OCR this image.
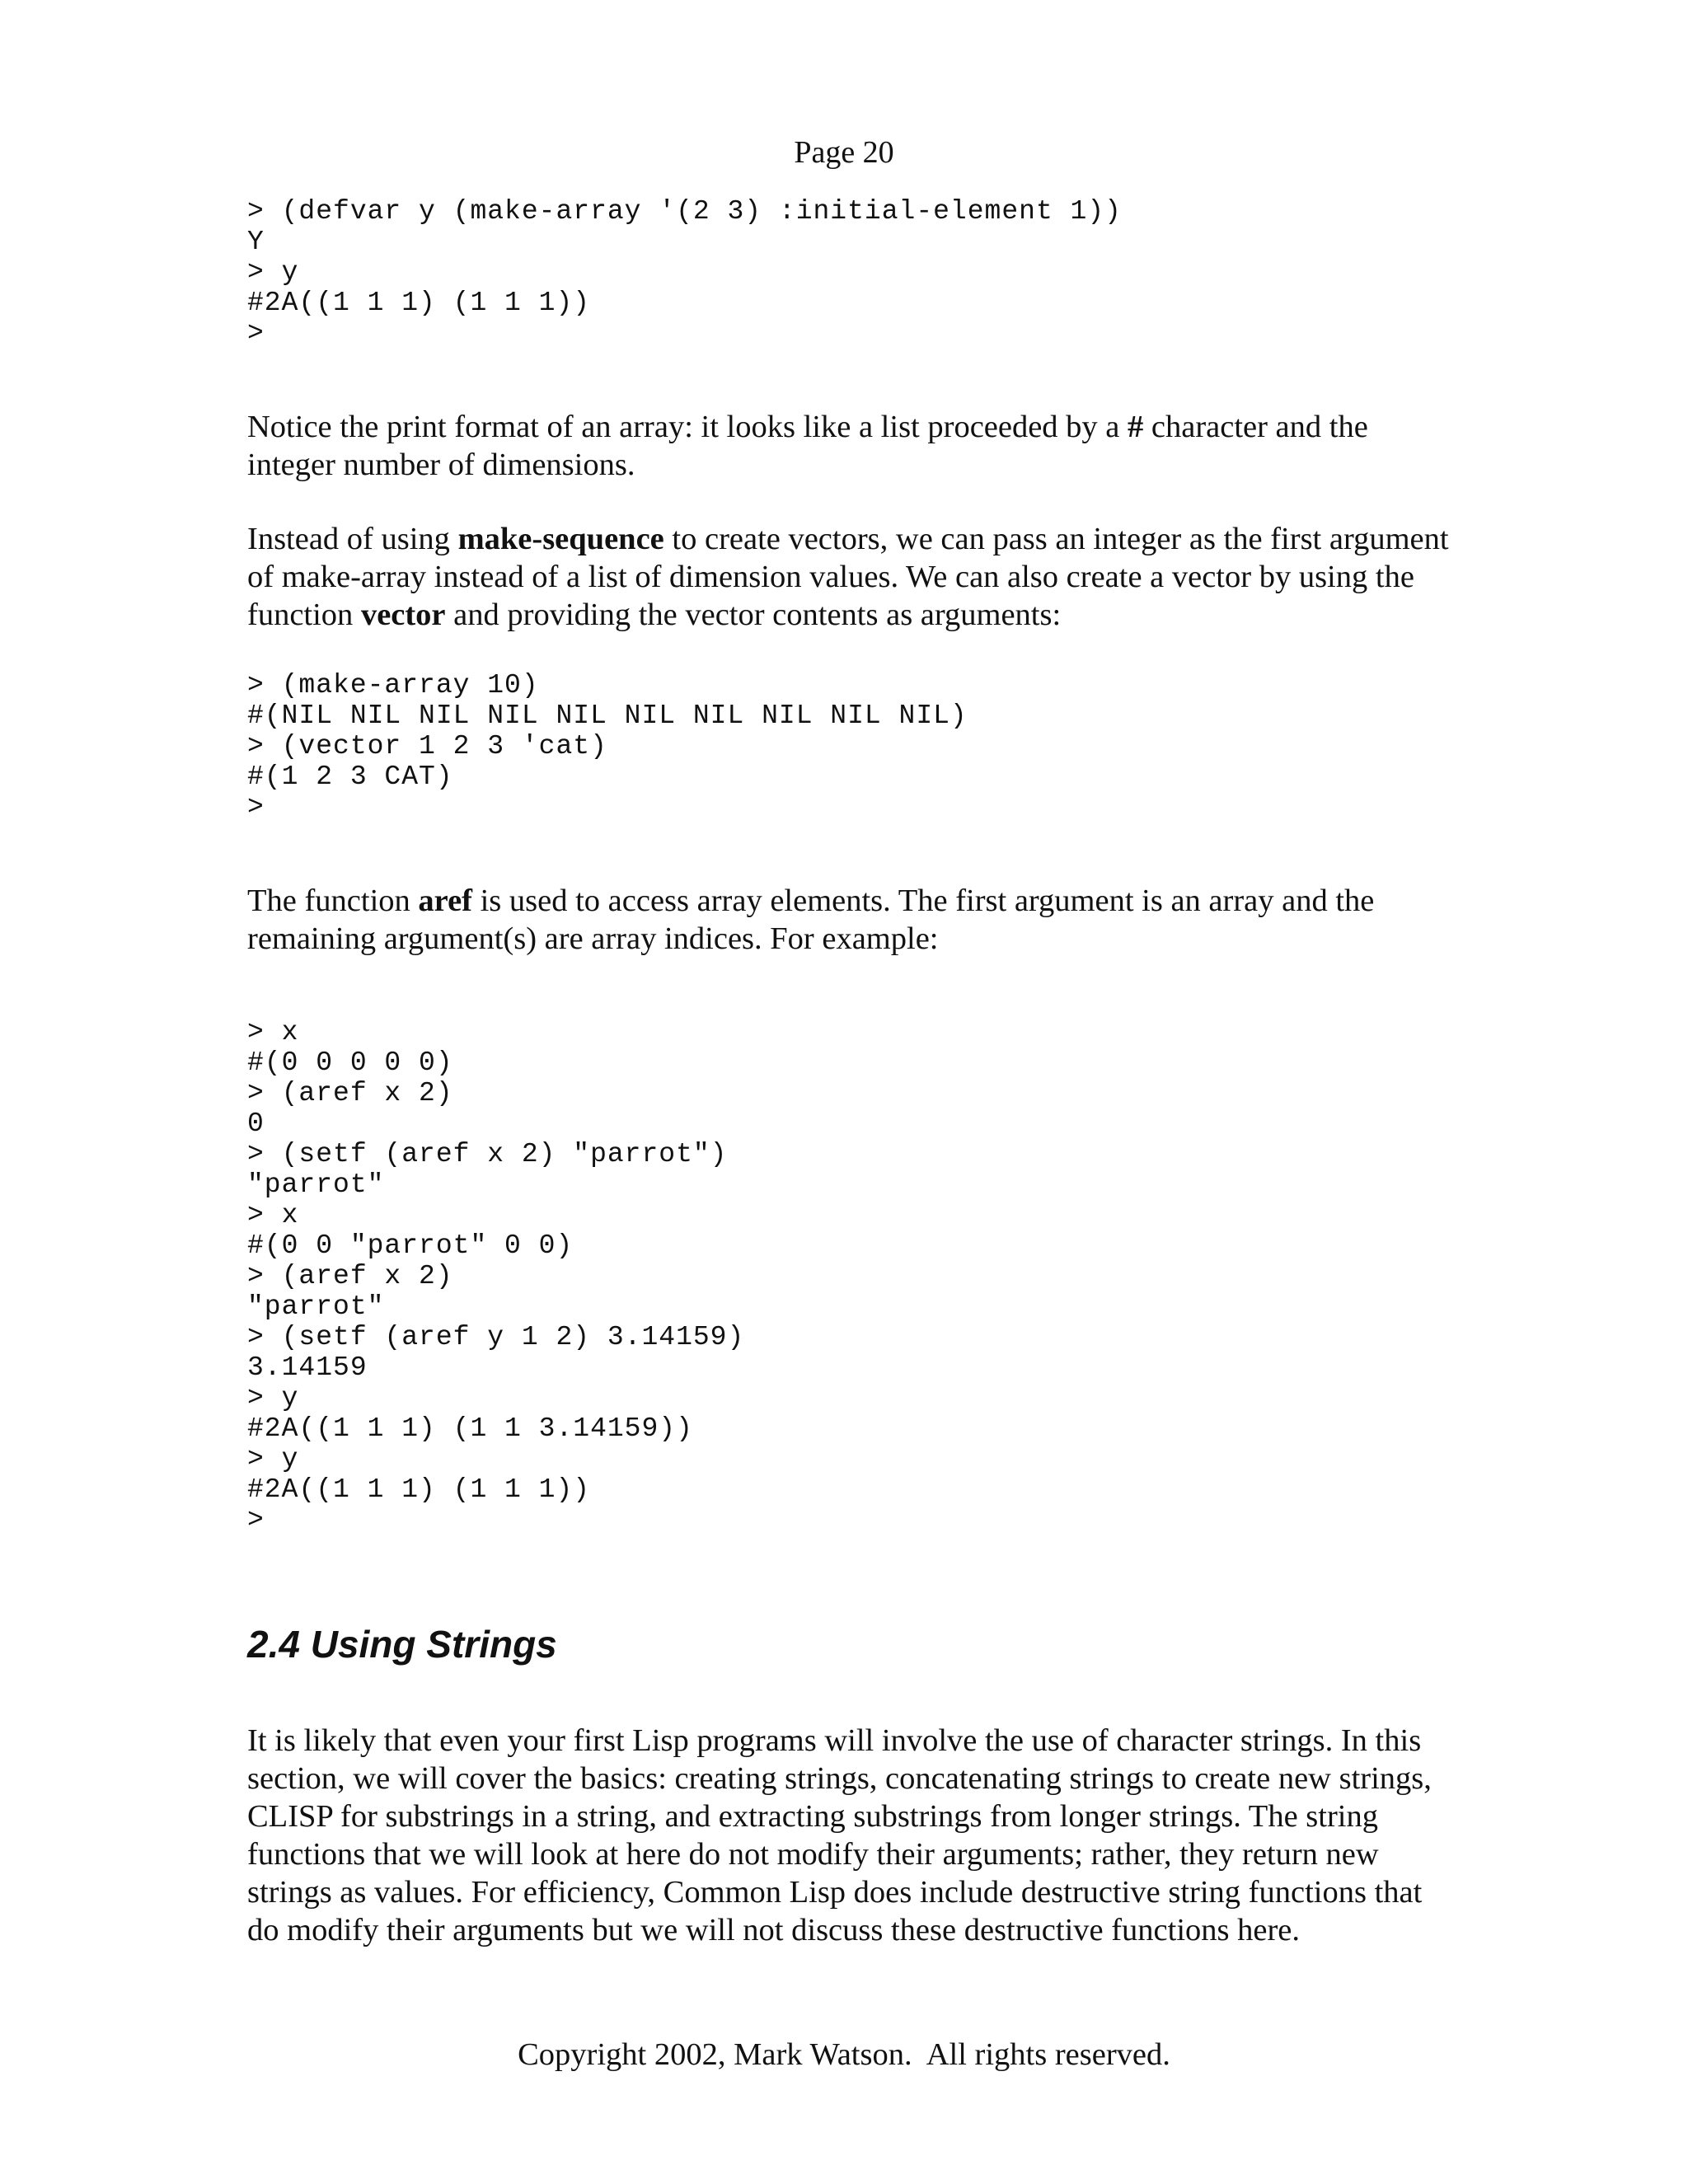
Page 20
> (defvar y (make-array '(2 3) :initial-element 1))
Y
> y
#2A((1 1 1) (1 1 1))
>

Notice the print format of an array: it looks like a list proceeded by a # character and the integer number of dimensions.

Instead of using make-sequence to create vectors, we can pass an integer as the first argument of make-array instead of a list of dimension values. We can also create a vector by using the function vector and providing the vector contents as arguments:

> (make-array 10)
#(NIL NIL NIL NIL NIL NIL NIL NIL NIL NIL)
> (vector 1 2 3 'cat)
#(1 2 3 CAT)
>

The function aref is used to access array elements. The first argument is an array and the remaining argument(s) are array indices. For example:

> x
#(0 0 0 0 0)
> (aref x 2)
0
> (setf (aref x 2) "parrot")
"parrot"
> x
#(0 0 "parrot" 0 0)
> (aref x 2)
"parrot"
> (setf (aref y 1 2) 3.14159)
3.14159
> y
#2A((1 1 1) (1 1 3.14159))
> y
#2A((1 1 1) (1 1 1))
>
2.4 Using Strings

It is likely that even your first Lisp programs will involve the use of character strings. In this section, we will cover the basics: creating strings, concatenating strings to create new strings, CLISP for substrings in a string, and extracting substrings from longer strings. The string functions that we will look at here do not modify their arguments; rather, they return new strings as values. For efficiency, Common Lisp does include destructive string functions that do modify their arguments but we will not discuss these destructive functions here.

Copyright 2002, Mark Watson.  All rights reserved.
